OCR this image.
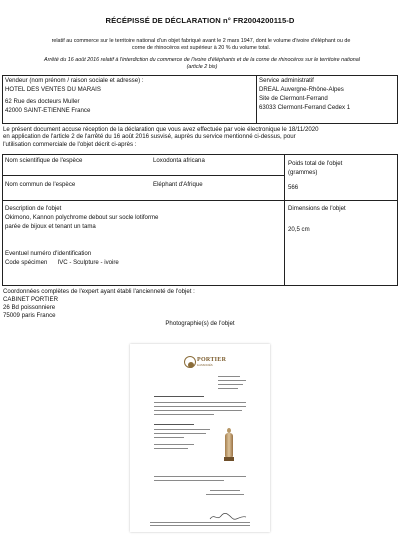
RÉCÉPISSÉ DE DÉCLARATION n° FR2004200115-D
relatif au commerce sur le territoire national d'un objet fabriqué avant le 2 mars 1947, dont le volume d'ivoire d'éléphant ou de
corne de rhinocéros est supérieur à 20 % du volume total.
Arrêté du 16 août 2016 relatif à l'interdiction du commerce de l'ivoire d'éléphants et de la corne de rhinocéros sur le territoire national
(article 2 bis)
Vendeur (nom prénom / raison sociale et adresse) :
HOTEL DES VENTES DU MARAIS
62 Rue des docteurs Muller
42000 SAINT-ETIENNE France
Service administratif
DREAL Auvergne-Rhône-Alpes
Site de Clermont-Ferrand
63033 Clermont-Ferrand Cedex 1
Le présent document accuse réception de la déclaration que vous avez effectuée par voie électronique le 18/11/2020
en application de l'article 2 de l'arrêté du 16 août 2016 susvisé, auprès du service mentionné ci-dessus, pour
l'utilisation commerciale de l'objet décrit ci-après :
Nom scientifique de l'espèce	Loxodonta africana	Poids total de l'objet
(grammes)
566
Nom commun de l'espèce	Eléphant d'Afrique
Description de l'objet
Okimono, Kannon polychrome debout sur socle lotiforme
parée de bijoux et tenant un tama
Dimensions de l'objet
20,5 cm
Eventuel numéro d'identification
Code spécimen      IVC - Sculpture - ivoire
Coordonnées complètes de l'expert ayant établi l'ancienneté de l'objet :
CABINET PORTIER
26 Bd poissonniere
75009 paris France
Photographie(s) de l'objet
PORTIER
& ASSOCIÉS
